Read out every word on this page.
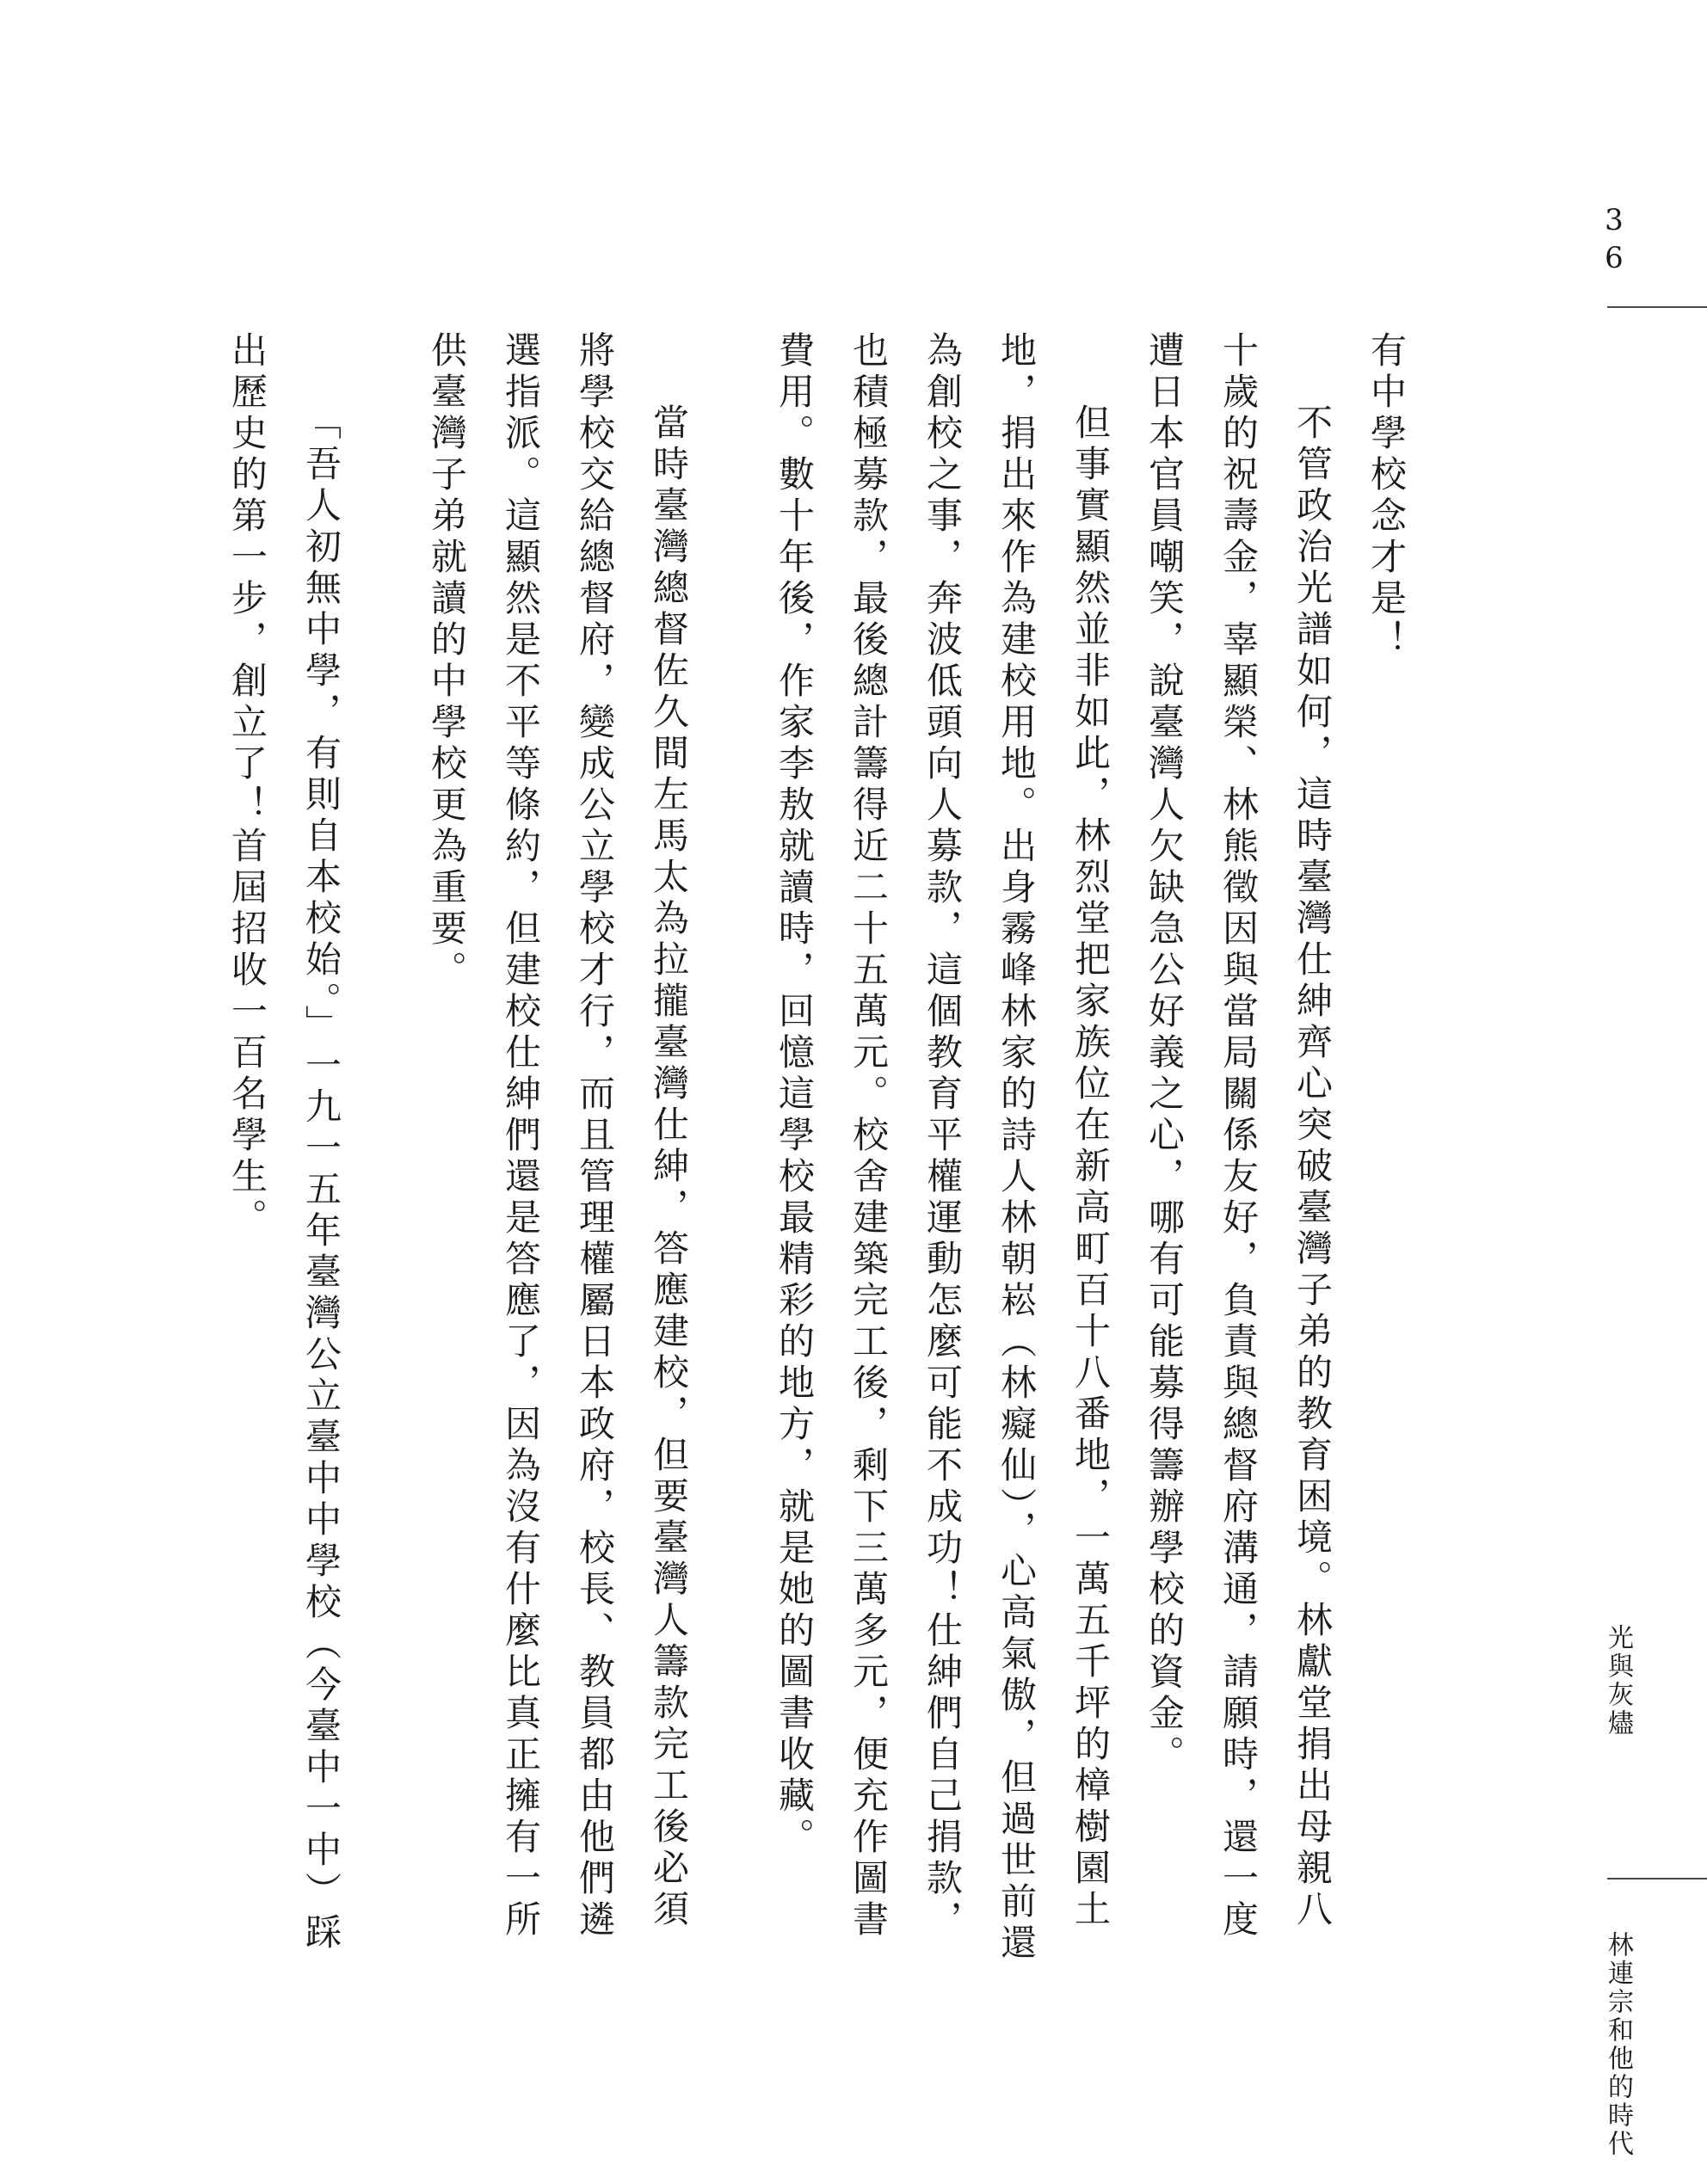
有中學校念才是！

不管政治光譜如何，這時臺灣仕紳齊心突破臺灣子弟的教育困境。林獻堂捐出母親八十歲的祝壽金，辜顯榮、林熊徵因與當局關係友好，負責與總督府溝通，請願時，還一度遭日本官員嘲笑，說臺灣人欠缺急公好義之心，哪有可能募得籌辦學校的資金。

但事實顯然並非如此，林烈堂把家族位在新高町百十八番地，一萬五千坪的樟樹園土地，捐出來作為建校用地。出身霧峰林家的詩人林朝崧（林癡仙），心高氣傲，但過世前還為創校之事，奔波低頭向人募款，這個教育平權運動怎麼可能不成功！仕紳們自己捐款，也積極募款，最後總計籌得近二十五萬元。校舍建築完工後，剩下三萬多元，便充作圖書費用。數十年後，作家李敖就讀時，回憶這學校最精彩的地方，就是她的圖書收藏。

當時臺灣總督佐久間左馬太為拉攏臺灣仕紳，答應建校，但要臺灣人籌款完工後必須將學校交給總督府，變成公立學校才行，而且管理權屬日本政府，校長、教員都由他們遴選指派。這顯然是不平等條約，但建校仕紳們還是答應了，因為沒有什麼比真正擁有一所供臺灣子弟就讀的中學校更為重要。

「吾人初無中學，有則自本校始。」一九一五年臺灣公立臺中中學校（今臺中一中）踩出歷史的第一步，創立了！首屆招收一百名學生。

36
光與灰燼
林連宗和他的時代
